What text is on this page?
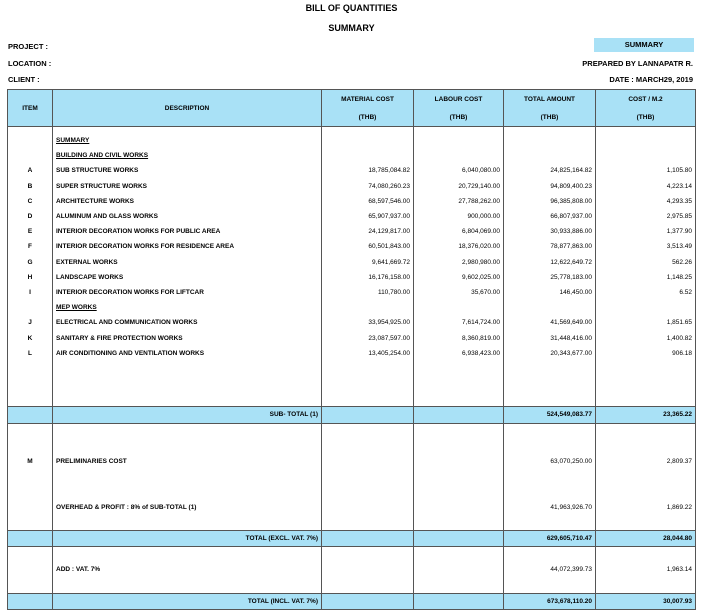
BILL OF QUANTITIES
SUMMARY
PROJECT :
LOCATION :
CLIENT :
SUMMARY
PREPARED BY LANNAPATR R.
DATE : MARCH29, 2019
ITEM	DESCRIPTION	MATERIAL COST	LABOUR COST	TOTAL AMOUNT	COST / M.2
		(THB)	(THB)	(THB)	(THB)

	SUMMARY				
	BUILDING AND CIVIL WORKS				
A	SUB STRUCTURE WORKS	18,785,084.82	6,040,080.00	24,825,164.82	1,105.80
B	SUPER STRUCTURE WORKS	74,080,260.23	20,729,140.00	94,809,400.23	4,223.14
C	ARCHITECTURE WORKS	68,597,546.00	27,788,262.00	96,385,808.00	4,293.35
D	ALUMINUM AND GLASS WORKS	65,907,937.00	900,000.00	66,807,937.00	2,975.85
E	INTERIOR DECORATION WORKS FOR PUBLIC AREA	24,129,817.00	6,804,069.00	30,933,886.00	1,377.90
F	INTERIOR DECORATION WORKS FOR RESIDENCE AREA	60,501,843.00	18,376,020.00	78,877,863.00	3,513.49
G	EXTERNAL WORKS	9,641,669.72	2,980,980.00	12,622,649.72	562.26
H	LANDSCAPE WORKS	16,176,158.00	9,602,025.00	25,778,183.00	1,148.25
I	INTERIOR DECORATION WORKS FOR LIFTCAR	110,780.00	35,670.00	146,450.00	6.52
	MEP WORKS				
J	ELECTRICAL AND COMMUNICATION WORKS	33,954,925.00	7,614,724.00	41,569,649.00	1,851.65
K	SANITARY & FIRE PROTECTION WORKS	23,087,597.00	8,360,819.00	31,448,416.00	1,400.82
L	AIR CONDITIONING AND VENTILATION WORKS	13,405,254.00	6,938,423.00	20,343,677.00	906.18

	SUB- TOTAL (1)			524,549,083.77	23,365.22

M	PRELIMINARIES COST			63,070,250.00	2,809.37

	OVERHEAD & PROFIT : 8% of SUB-TOTAL (1)			41,963,926.70	1,869.22

	TOTAL (EXCL. VAT. 7%)			629,605,710.47	28,044.80

	ADD : VAT. 7%			44,072,399.73	1,963.14

	TOTAL (INCL. VAT. 7%)			673,678,110.20	30,007.93
